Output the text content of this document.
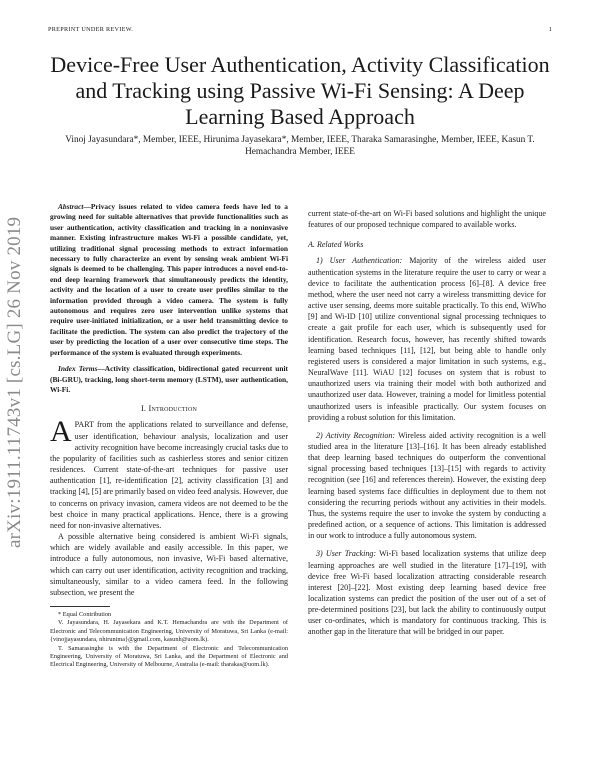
PREPRINT UNDER REVIEW.	1
arXiv:1911.11743v1 [cs.LG] 26 Nov 2019
Device-Free User Authentication, Activity Classification and Tracking using Passive Wi-Fi Sensing: A Deep Learning Based Approach
Vinoj Jayasundara*, Member, IEEE, Hirunima Jayasekara*, Member, IEEE, Tharaka Samarasinghe, Member, IEEE, Kasun T. Hemachandra Member, IEEE

Abstract—Privacy issues related to video camera feeds have led to a growing need for suitable alternatives that provide functionalities such as user authentication, activity classification and tracking in a noninvasive manner. Existing infrastructure makes Wi-Fi a possible candidate, yet, utilizing traditional signal processing methods to extract information necessary to fully characterize an event by sensing weak ambient Wi-Fi signals is deemed to be challenging. This paper introduces a novel end-to-end deep learning framework that simultaneously predicts the identity, activity and the location of a user to create user profiles similar to the information provided through a video camera. The system is fully autonomous and requires zero user intervention unlike systems that require user-initiated initialization, or a user held transmitting device to facilitate the prediction. The system can also predict the trajectory of the user by predicting the location of a user over consecutive time steps. The performance of the system is evaluated through experiments.

Index Terms—Activity classification, bidirectional gated recurrent unit (Bi-GRU), tracking, long short-term memory (LSTM), user authentication, Wi-Fi.

I. Introduction

APART from the applications related to surveillance and defense, user identification, behaviour analysis, localization and user activity recognition have become increasingly crucial tasks due to the popularity of facilities such as cashierless stores and senior citizen residences. Current state-of-the-art techniques for passive user authentication [1], re-identification [2], activity classification [3] and tracking [4], [5] are primarily based on video feed analysis. However, due to concerns on privacy invasion, camera videos are not deemed to be the best choice in many practical applications. Hence, there is a growing need for non-invasive alternatives.

A possible alternative being considered is ambient Wi-Fi signals, which are widely available and easily accessible. In this paper, we introduce a fully autonomous, non invasive, Wi-Fi based alternative, which can carry out user identification, activity recognition and tracking, simultaneously, similar to a video camera feed. In the following subsection, we present the

* Equal Contribution

V. Jayasundara, H. Jayasekara and K.T. Hemachandra are with the Department of Electronic and Telecommunication Engineering, University of Moratuwa, Sri Lanka (e-mail: {vinojjayasundara, nhirunima}@gmail.com, kasunh@uom.lk).

T. Samarasinghe is with the Department of Electronic and Telecommunication Engineering, University of Moratuwa, Sri Lanka, and the Department of Electronic and Electrical Engineering, University of Melbourne, Australia (e-mail: tharakas@uom.lk).

current state-of-the-art on Wi-Fi based solutions and highlight the unique features of our proposed technique compared to available works.

A. Related Works

1) User Authentication: Majority of the wireless aided user authentication systems in the literature require the user to carry or wear a device to facilitate the authentication process [6]–[8]. A device free method, where the user need not carry a wireless transmitting device for active user sensing, deems more suitable practically. To this end, WiWho [9] and Wi-ID [10] utilize conventional signal processing techniques to create a gait profile for each user, which is subsequently used for identification. Research focus, however, has recently shifted towards learning based techniques [11], [12], but being able to handle only registered users is considered a major limitation in such systems, e.g., NeuralWave [11]. WiAU [12] focuses on system that is robust to unauthorized users via training their model with both authorized and unauthorized user data. However, training a model for limitless potential unauthorized users is infeasible practically. Our system focuses on providing a robust solution for this limitation.

2) Activity Recognition: Wireless aided activity recognition is a well studied area in the literature [13]–[16]. It has been already established that deep learning based techniques do outperform the conventional signal processing based techniques [13]–[15] with regards to activity recognition (see [16] and references therein). However, the existing deep learning based systems face difficulties in deployment due to them not considering the recurring periods without any activities in their models. Thus, the systems require the user to invoke the system by conducting a predefined action, or a sequence of actions. This limitation is addressed in our work to introduce a fully autonomous system.

3) User Tracking: Wi-Fi based localization systems that utilize deep learning approaches are well studied in the literature [17]–[19], with device free Wi-Fi based localization attracting considerable research interest [20]–[22]. Most existing deep learning based device free localization systems can predict the position of the user out of a set of pre-determined positions [23], but lack the ability to continuously output user co-ordinates, which is mandatory for continuous tracking. This is another gap in the literature that will be bridged in our paper.
